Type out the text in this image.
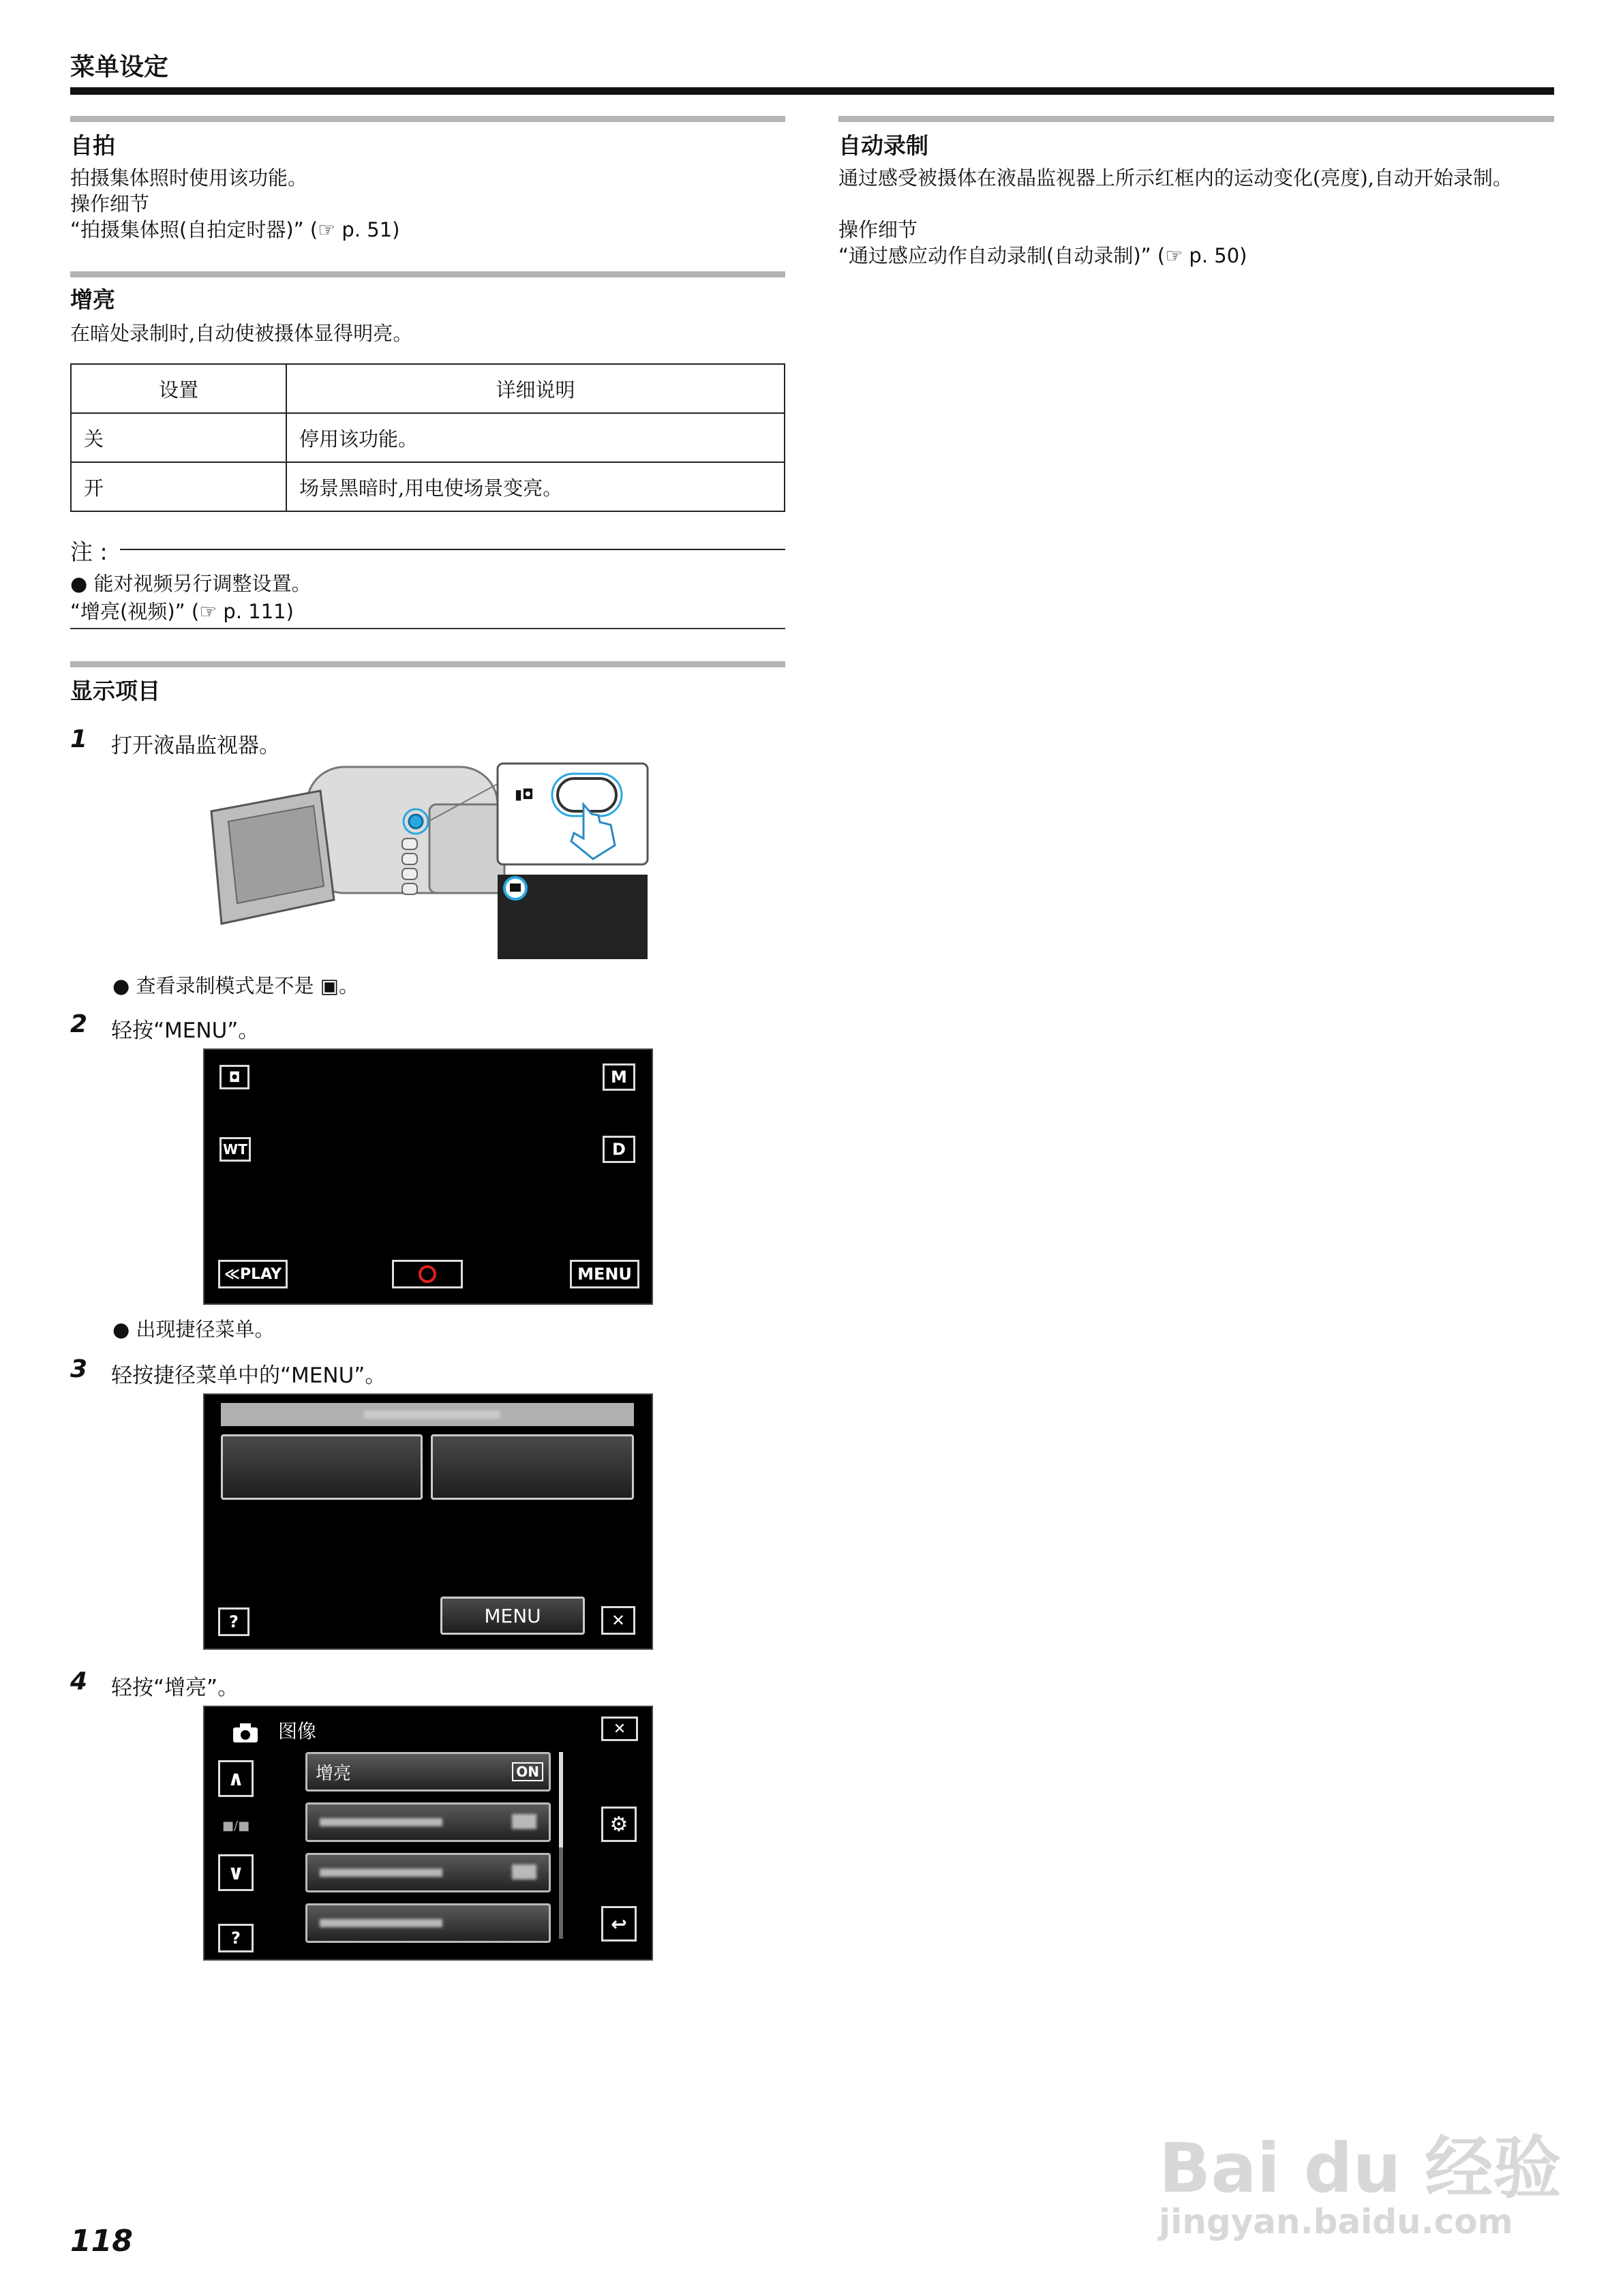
菜单设定
自拍
拍摄集体照时使用该功能。
操作细节
“拍摄集体照(自拍定时器)” (☞ p. 51)
增亮
在暗处录制时,自动使被摄体显得明亮。
设置	详细说明
关	停用该功能。
开	场景黑暗时,用电使场景变亮。
注 :
● 能对视频另行调整设置。
“增亮(视频)” (☞ p. 111)
显示项目
1 打开液晶监视器。
▮◘
● 查看录制模式是不是 ▣。
2 轻按“MENU”。
◘
WT
M
D
≪PLAY	MENU
● 出现捷径菜单。
3 轻按捷径菜单中的“MENU”。
?	MENU	✕
4 轻按“增亮”。
图像	✕
∧
■/■
∨
?
增亮	ON
⚙
↩
自动录制
通过感受被摄体在液晶监视器上所示红框内的运动变化(亮度),自动开始录制。
操作细节
“通过感应动作自动录制(自动录制)” (☞ p. 50)
118
Bai du 经验
jingyan.baidu.com
